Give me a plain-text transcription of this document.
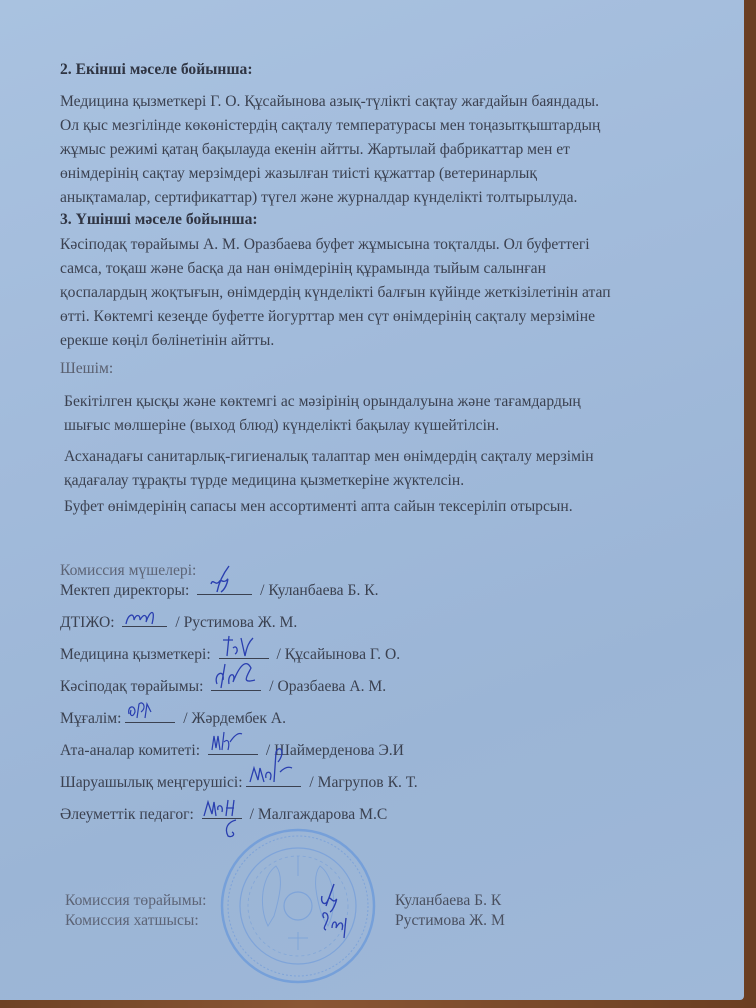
2. Екінші мәселе бойынша:
Медицина қызметкері Г. О. Құсайынова азық-түлікті сақтау жағдайын баяндады.
Ол қыс мезгілінде көкөністердің сақталу температурасы мен тоңазытқыштардың
жұмыс режимі қатаң бақылауда екенін айтты. Жартылай фабрикаттар мен ет
өнімдерінің сақтау мерзімдері жазылған тиісті құжаттар (ветеринарлық
анықтамалар, сертификаттар) түгел және журналдар күнделікті толтырылуда.
3. Үшінші мәселе бойынша:
Кәсіподақ төрайымы А. М. Оразбаева буфет жұмысына тоқталды. Ол буфеттегі
самса, тоқаш және басқа да нан өнімдерінің құрамында тыйым салынған
қоспалардың жоқтығын, өнімдердің күнделікті балғын күйінде жеткізілетінін атап
өтті. Көктемгі кезеңде буфетте йогурттар мен сүт өнімдерінің сақталу мерзіміне
ерекше көңіл бөлінетінін айтты.
Шешім:
Бекітілген қысқы және көктемгі ас мәзірінің орындалуына және тағамдардың
шығыс мөлшеріне (выход блюд) күнделікті бақылау күшейтілсін.
Асханадағы санитарлық-гигиеналық талаптар мен өнімдердің сақталу мерзімін
қадағалау тұрақты түрде медицина қызметкеріне жүктелсін.
Буфет өнімдерінің сапасы мен ассортименті апта сайын тексеріліп отырсын.
Комиссия мүшелері:
Мектеп директоры:	/ Куланбаева Б. К.
ДТІЖО:	/ Рустимова Ж. М.
Медицина қызметкері:	/ Құсайынова Г. О.
Кәсіподақ төрайымы:	/ Оразбаева А. М.
Мұғалім:	/ Жәрдембек А.
Ата-аналар комитеті:	/ Шаймерденова Э.И
Шаруашылық меңгерушісі:	/ Магрупов К. Т.
Әлеуметтік педагог:	/ Малгаждарова М.С
Комиссия төрайымы:	Куланбаева Б. К
Комиссия хатшысы:	Рустимова Ж. М
